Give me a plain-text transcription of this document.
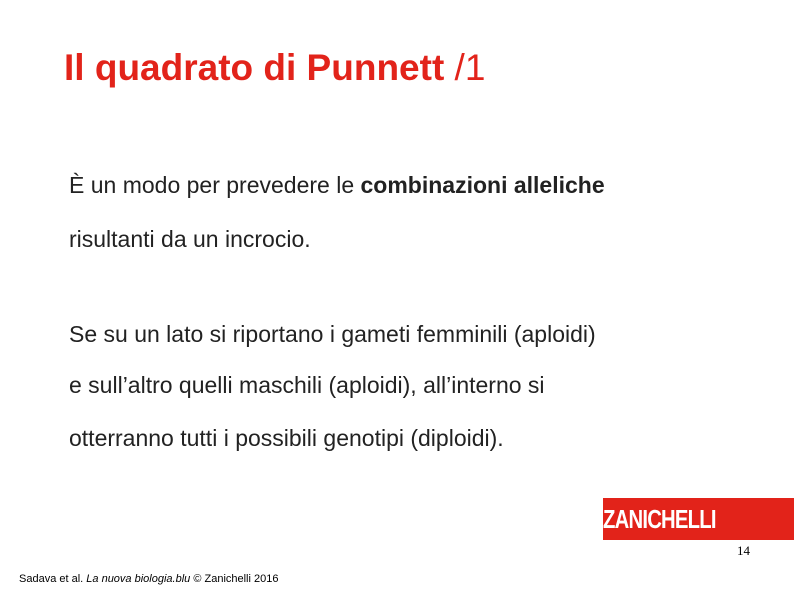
Il quadrato di Punnett /1
È un modo per prevedere le combinazioni alleliche
risultanti da un incrocio.
Se su un lato si riportano i gameti femminili (aploidi)
e sull’altro quelli maschili (aploidi), all’interno si
otterranno tutti i possibili genotipi (diploidi).
ZANICHELLI
14
Sadava et al. La nuova biologia.blu © Zanichelli 2016
